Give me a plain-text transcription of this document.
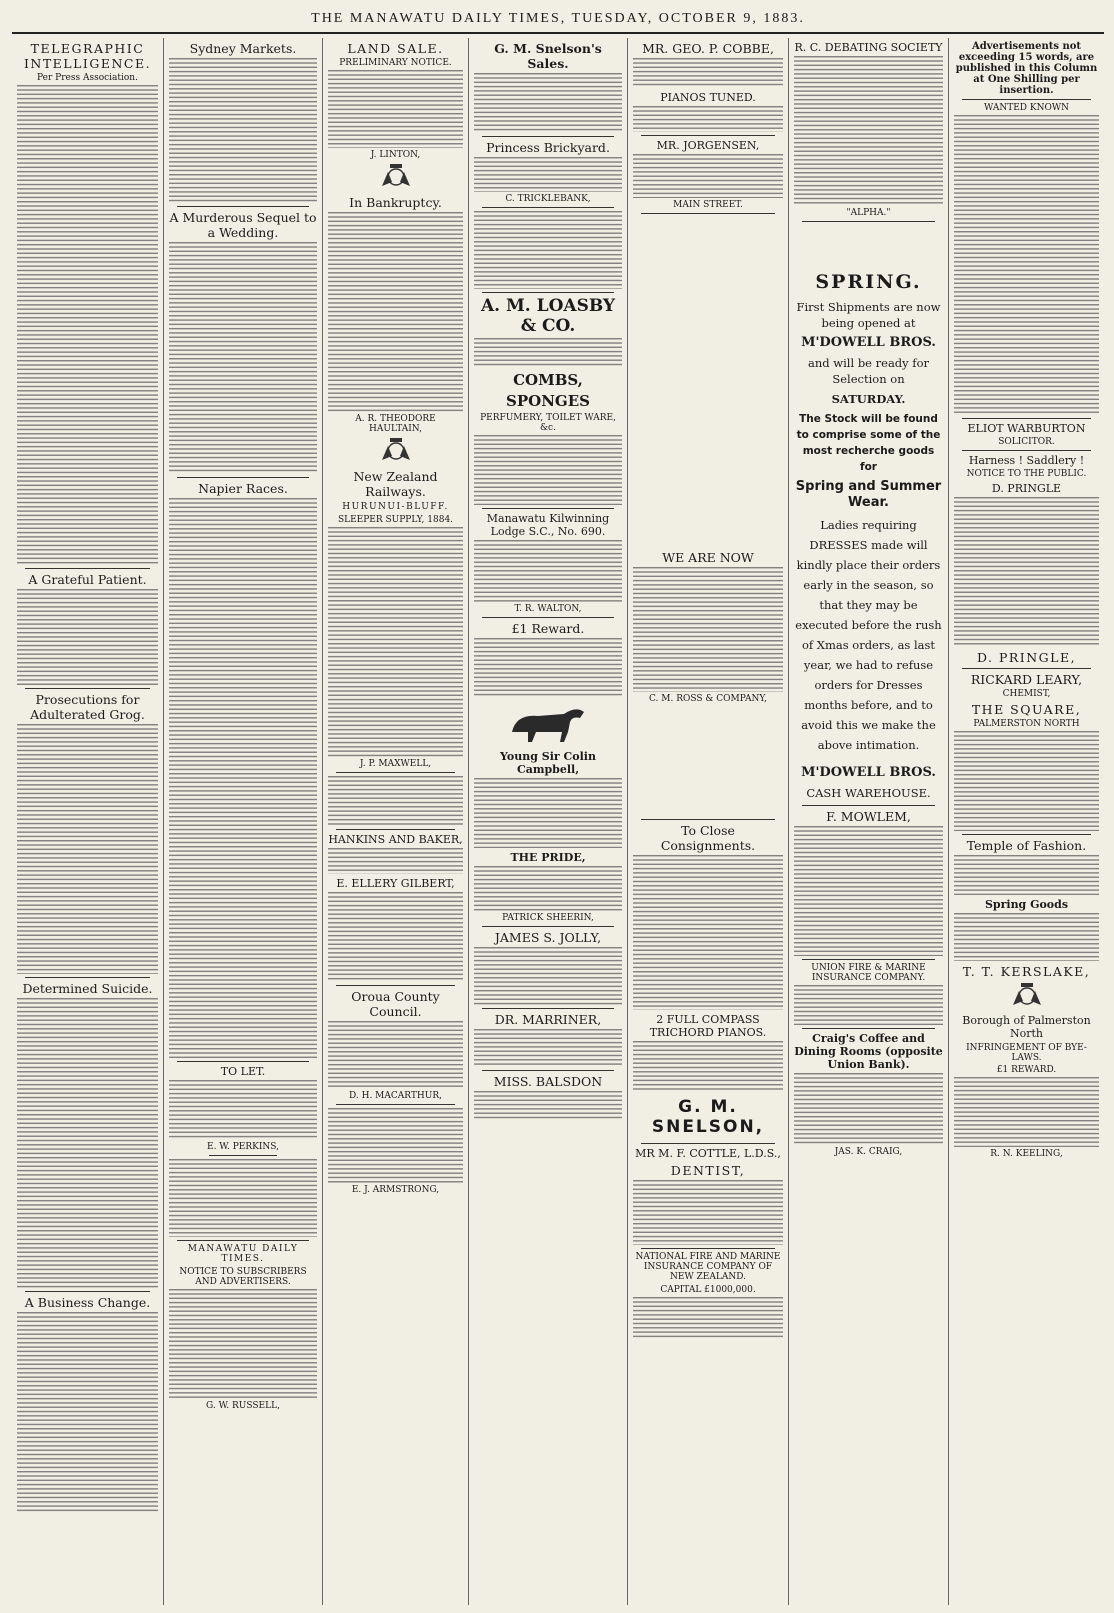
THE MANAWATU DAILY TIMES, TUESDAY, OCTOBER 9, 1883.
TELEGRAPHIC INTELLIGENCE.
Per Press Association.
A Grateful Patient.
Prosecutions for Adulterated Grog.
Determined Suicide.
A Business Change.
Sydney Markets.
A Murderous Sequel to a Wedding.
Napier Races.
TO LET.
E. W. PERKINS,
MANAWATU DAILY TIMES.
NOTICE TO SUBSCRIBERS AND ADVERTISERS.
G. W. RUSSELL,
LAND SALE.
PRELIMINARY NOTICE.
J. LINTON,
In Bankruptcy.
A. R. THEODORE HAULTAIN,
New Zealand Railways.
HURUNUI-BLUFF.
SLEEPER SUPPLY, 1884.
J. P. MAXWELL,
HANKINS AND BAKER,
E. ELLERY GILBERT,
Oroua County Council.
D. H. MACARTHUR,
E. J. ARMSTRONG,
G. M. Snelson's Sales.
Princess Brickyard.
C. TRICKLEBANK,
A. M. LOASBY & CO.
COMBS,
SPONGES
PERFUMERY, TOILET WARE, &c.
Manawatu Kilwinning Lodge S.C., No. 690.
T. R. WALTON,
£1 Reward.
Young Sir Colin Campbell,
THE PRIDE,
PATRICK SHEERIN,
JAMES S. JOLLY,
DR. MARRINER,
MISS. BALSDON
MR. GEO. P. COBBE,
PIANOS TUNED.
MR. JORGENSEN,
MAIN STREET.
WE ARE NOW
C. M. ROSS & COMPANY,
To Close Consignments.
2 FULL COMPASS TRICHORD PIANOS.
G. M. SNELSON,
MR M. F. COTTLE, L.D.S.,
DENTIST,
NATIONAL FIRE AND MARINE INSURANCE COMPANY OF NEW ZEALAND.
CAPITAL £1000,000.
R. C. DEBATING SOCIETY
"ALPHA."
SPRING.
First Shipments are now being opened at
M'DOWELL BROS.
and will be ready for Selection on
SATURDAY.
The Stock will be found to comprise some of the most recherche goods for
Spring and Summer Wear.
Ladies requiring DRESSES made will kindly place their orders early in the season, so that they may be executed before the rush of Xmas orders, as last year, we had to refuse orders for Dresses months before, and to avoid this we make the above intimation.
M'DOWELL BROS.
CASH WAREHOUSE.
F. MOWLEM,
UNION FIRE & MARINE INSURANCE COMPANY.
Craig's Coffee and Dining Rooms (opposite Union Bank).
JAS. K. CRAIG,
Advertisements not exceeding 15 words, are published in this Column at One Shilling per insertion.
WANTED KNOWN
ELIOT WARBURTON
SOLICITOR.
Harness ! Saddlery !
NOTICE TO THE PUBLIC.
D. PRINGLE
D. PRINGLE,
RICKARD LEARY,
CHEMIST,
THE SQUARE,
PALMERSTON NORTH
Temple of Fashion.
Spring Goods
T. T. KERSLAKE,
Borough of Palmerston North
INFRINGEMENT OF BYE-LAWS.
£1 REWARD.
R. N. KEELING,
